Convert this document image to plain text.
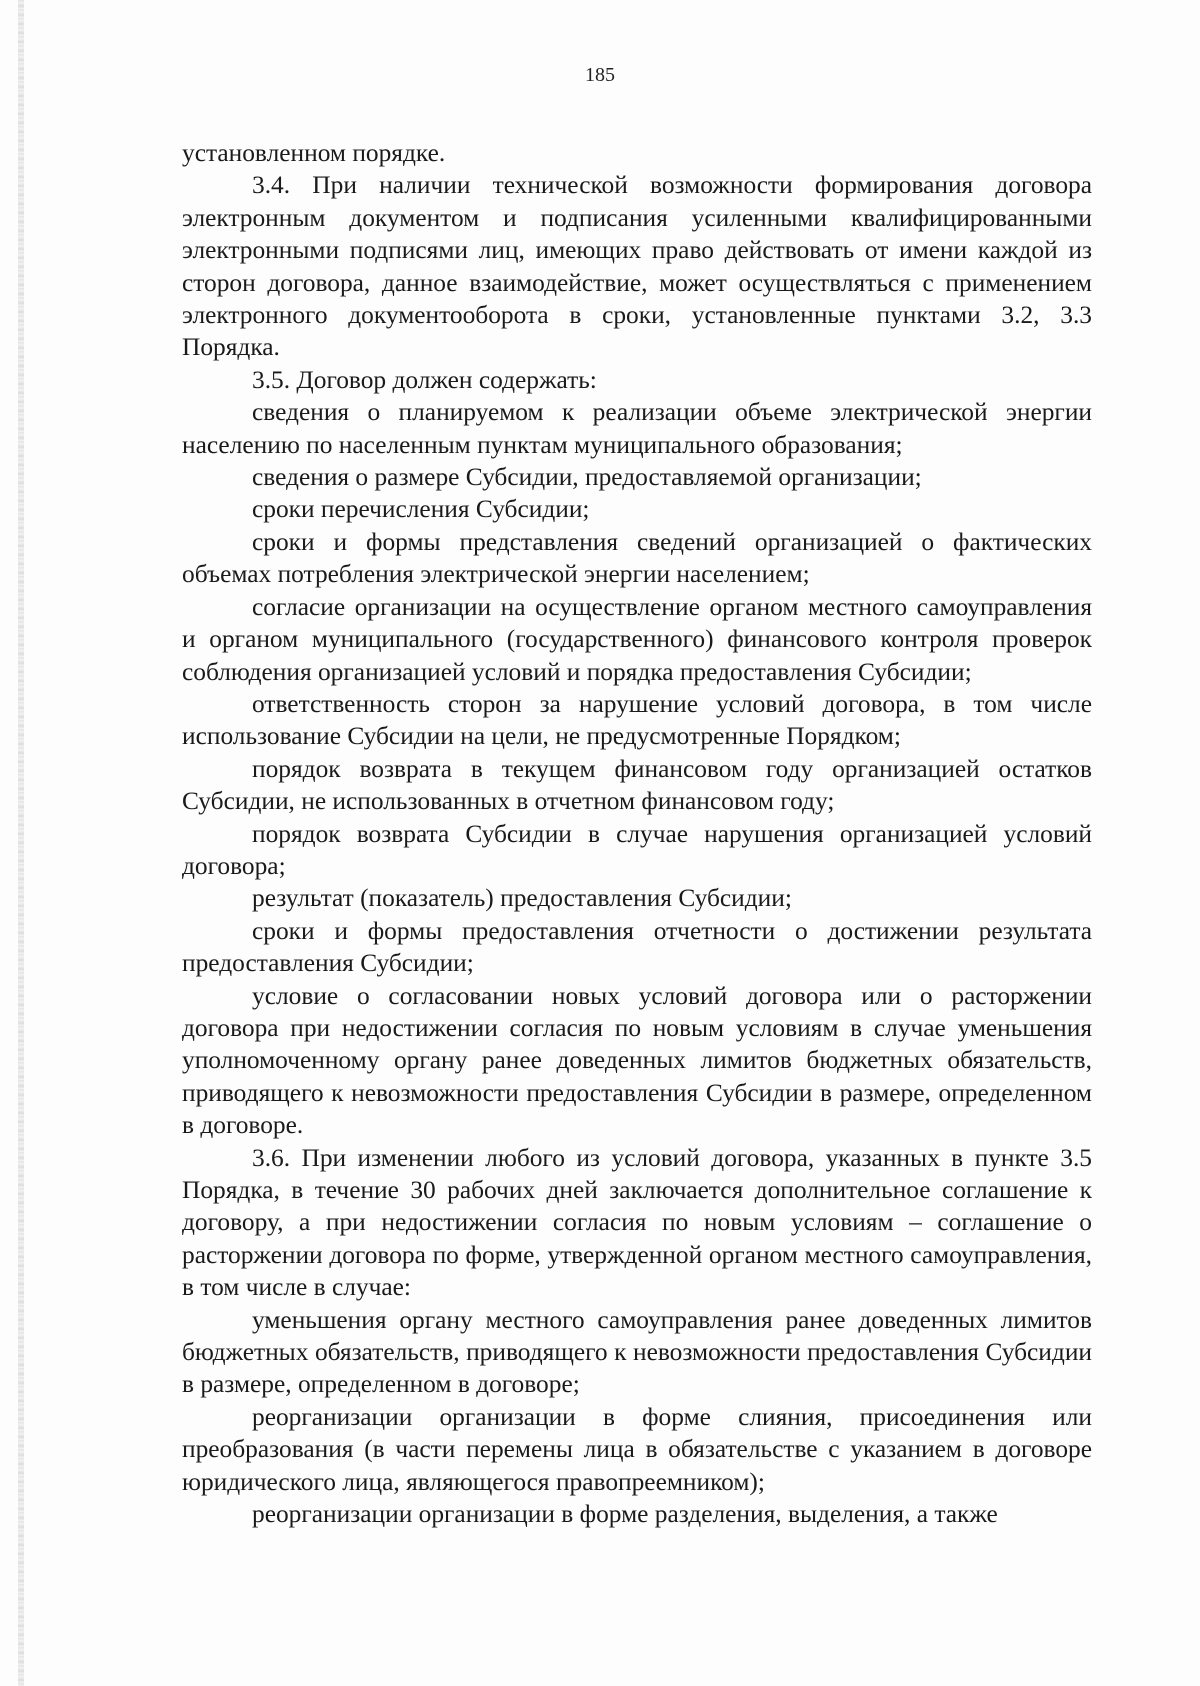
185

установленном порядке.

3.4. При наличии технической возможности формирования договора электронным документом и подписания усиленными квалифицированными электронными подписями лиц, имеющих право действовать от имени каждой из сторон договора, данное взаимодействие, может осуществляться с применением электронного документооборота в сроки, установленные пунктами 3.2, 3.3 Порядка.

3.5. Договор должен содержать:

сведения о планируемом к реализации объеме электрической энергии населению по населенным пунктам муниципального образования;

сведения о размере Субсидии, предоставляемой организации;

сроки перечисления Субсидии;

сроки и формы представления сведений организацией о фактических объемах потребления электрической энергии населением;

согласие организации на осуществление органом местного самоуправления и органом муниципального (государственного) финансового контроля проверок соблюдения организацией условий и порядка предоставления Субсидии;

ответственность сторон за нарушение условий договора, в том числе использование Субсидии на цели, не предусмотренные Порядком;

порядок возврата в текущем финансовом году организацией остатков Субсидии, не использованных в отчетном финансовом году;

порядок возврата Субсидии в случае нарушения организацией условий договора;

результат (показатель) предоставления Субсидии;

сроки и формы предоставления отчетности о достижении результата предоставления Субсидии;

условие о согласовании новых условий договора или о расторжении договора при недостижении согласия по новым условиям в случае уменьшения уполномоченному органу ранее доведенных лимитов бюджетных обязательств, приводящего к невозможности предоставления Субсидии в размере, определенном в договоре.

3.6. При изменении любого из условий договора, указанных в пункте 3.5 Порядка, в течение 30 рабочих дней заключается дополнительное соглашение к договору, а при недостижении согласия по новым условиям – соглашение о расторжении договора по форме, утвержденной органом местного самоуправления, в том числе в случае:

уменьшения органу местного самоуправления ранее доведенных лимитов бюджетных обязательств, приводящего к невозможности предоставления Субсидии в размере, определенном в договоре;

реорганизации организации в форме слияния, присоединения или преобразования (в части перемены лица в обязательстве с указанием в договоре юридического лица, являющегося правопреемником);

реорганизации организации в форме разделения, выделения, а также
